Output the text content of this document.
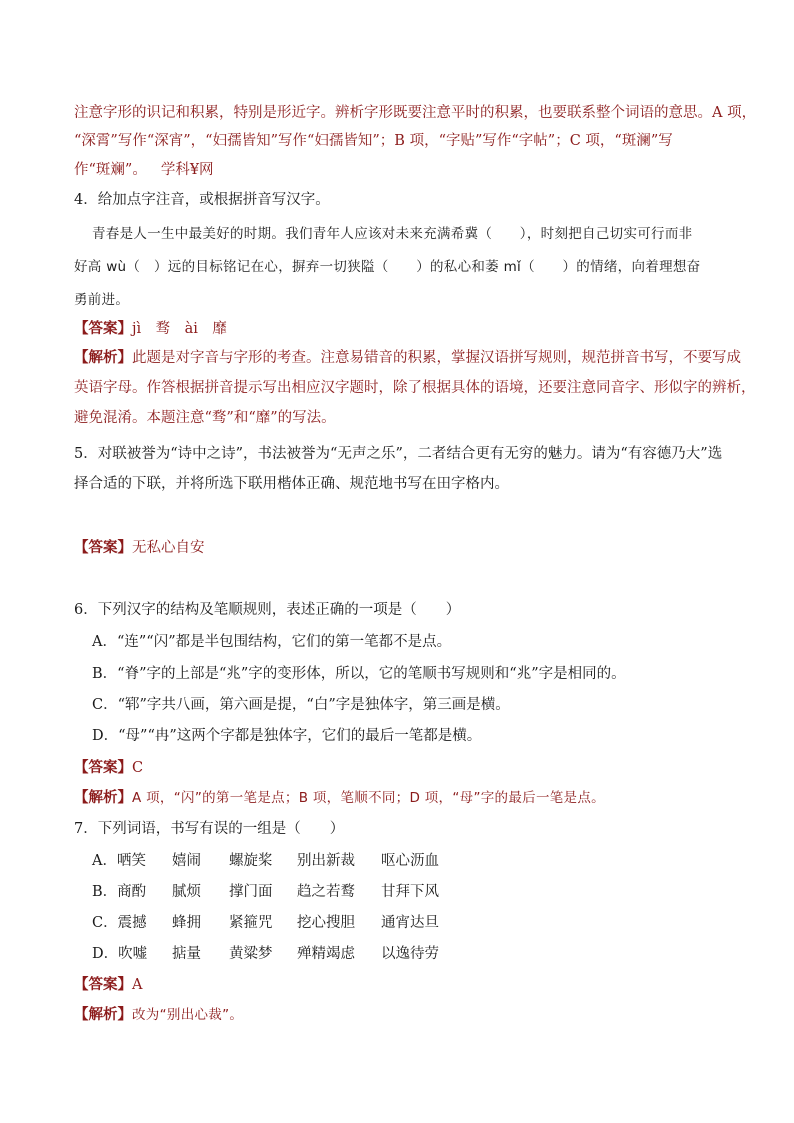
注意字形的识记和积累，特别是形近字。辨析字形既要注意平时的积累，也要联系整个词语的意思。A 项，
“深霄”写作“深宵”，“妇孺皆知”写作“妇孺皆知”；B 项，“字贴”写作“字帖”；C 项，“斑澜”写
作“斑斓”。 学科¥网
4．给加点字注音，或根据拼音写汉字。
青春是人一生中最美好的时期。我们青年人应该对未来充满希冀（　　），时刻把自己切实可行而非
好高 wù（　）远的目标铭记在心，摒弃一切狭隘（　　）的私心和萎 mǐ（　　）的情绪，向着理想奋
勇前进。
【答案】jì　骛　ài　靡
【解析】此题是对字音与字形的考查。注意易错音的积累，掌握汉语拼写规则，规范拼音书写，不要写成
英语字母。作答根据拼音提示写出相应汉字题时，除了根据具体的语境，还要注意同音字、形似字的辨析，
避免混淆。本题注意“骛”和“靡”的写法。
5．对联被誉为“诗中之诗”，书法被誉为“无声之乐”，二者结合更有无穷的魅力。请为“有容德乃大”选
择合适的下联，并将所选下联用楷体正确、规范地书写在田字格内。
【答案】无私心自安
6．下列汉字的结构及笔顺规则，表述正确的一项是（　　）
A．“连”“闪”都是半包围结构，它们的第一笔都不是点。
B．“脊”字的上部是“兆”字的变形体，所以，它的笔顺书写规则和“兆”字是相同的。
C．“郓”字共八画，第六画是提，“白”字是独体字，第三画是横。
D．“母”“冉”这两个字都是独体字，它们的最后一笔都是横。
【答案】C
【解析】A 项，“闪”的第一笔是点；B 项，笔顺不同；D 项，“母”字的最后一笔是点。
7．下列词语，书写有误的一组是（　　）
A．哂笑 嬉闹 螺旋桨 别出新裁 呕心沥血
B．商酌 腻烦 撑门面 趋之若鹜 甘拜下风
C．震撼 蜂拥 紧箍咒 挖心搜胆 通宵达旦
D．吹嘘 掂量 黄粱梦 殚精竭虑 以逸待劳
【答案】A
【解析】改为“别出心裁”。
